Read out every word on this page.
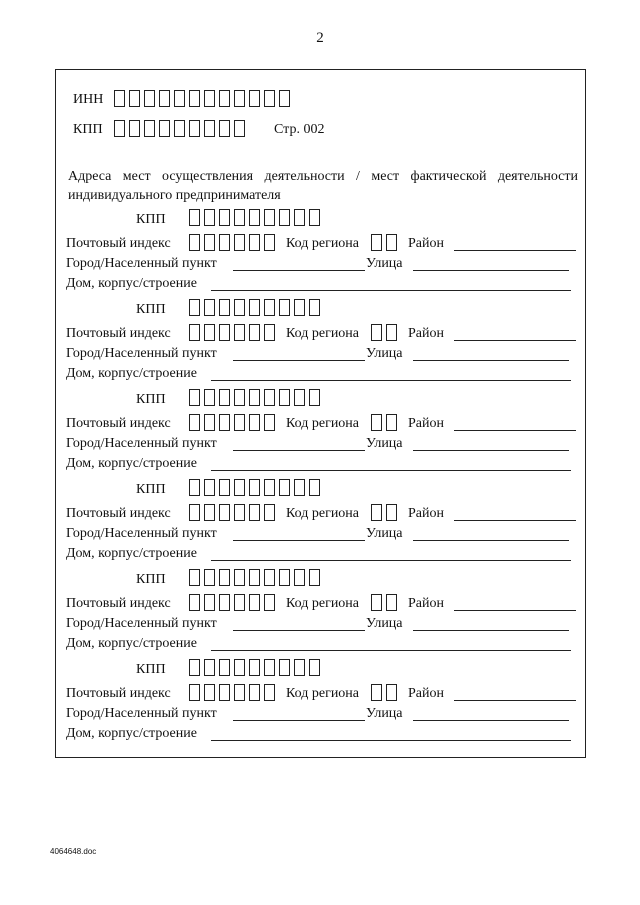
2
ИНН
КПП	Стр. 002
Адреса мест осуществления деятельности / мест фактической деятельности индивидуального предпринимателя
КПП
Почтовый индекс	Код региона	Район
Город/Населенный пункт	Улица
Дом, корпус/строение
КПП
Почтовый индекс	Код региона	Район
Город/Населенный пункт	Улица
Дом, корпус/строение
КПП
Почтовый индекс	Код региона	Район
Город/Населенный пункт	Улица
Дом, корпус/строение
КПП
Почтовый индекс	Код региона	Район
Город/Населенный пункт	Улица
Дом, корпус/строение
КПП
Почтовый индекс	Код региона	Район
Город/Населенный пункт	Улица
Дом, корпус/строение
КПП
Почтовый индекс	Код региона	Район
Город/Населенный пункт	Улица
Дом, корпус/строение
4064648.doc
